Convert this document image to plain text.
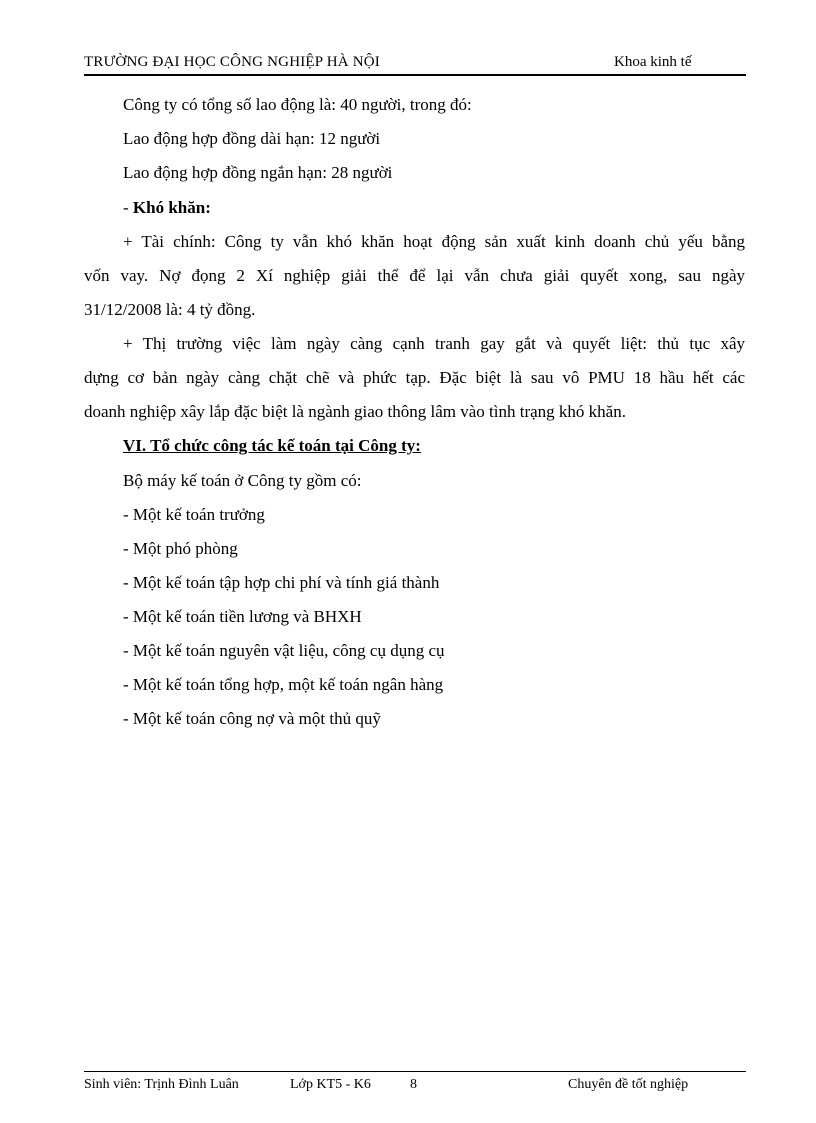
TRƯỜNG ĐẠI HỌC CÔNG NGHIỆP HÀ NỘI	Khoa kinh tế
Công ty có tổng số lao động là: 40 người, trong đó:
Lao động hợp đồng dài hạn: 12 người
Lao động hợp đồng ngắn hạn: 28 người
- Khó khăn:
+ Tài chính: Công ty vẫn khó khăn hoạt động sản xuất kinh doanh chủ yếu bằng
vốn vay. Nợ đọng 2 Xí nghiệp giải thể để lại vẫn chưa giải quyết xong, sau ngày
31/12/2008 là: 4 tỷ đồng.
+ Thị trường việc làm ngày càng cạnh tranh gay gắt và quyết liệt: thủ tục xây
dựng cơ bản ngày càng chặt chẽ và phức tạp. Đặc biệt là sau vô PMU 18 hầu hết các
doanh nghiệp xây lắp đặc biệt là ngành giao thông lâm vào tình trạng khó khăn.
VI. Tổ chức công tác kế toán tại Công ty:
Bộ máy kế toán ở Công ty gồm có:
- Một kế toán trưởng
- Một phó phòng
- Một kế toán tập hợp chi phí và tính giá thành
- Một kế toán tiền lương và BHXH
- Một kế toán nguyên vật liệu, công cụ dụng cụ
- Một kế toán tổng hợp, một kế toán ngân hàng
- Một kế toán công nợ và một thủ quỹ
Sinh viên: Trịnh Đình Luân	Lớp KT5 - K6	8	Chuyên đề tốt nghiệp
